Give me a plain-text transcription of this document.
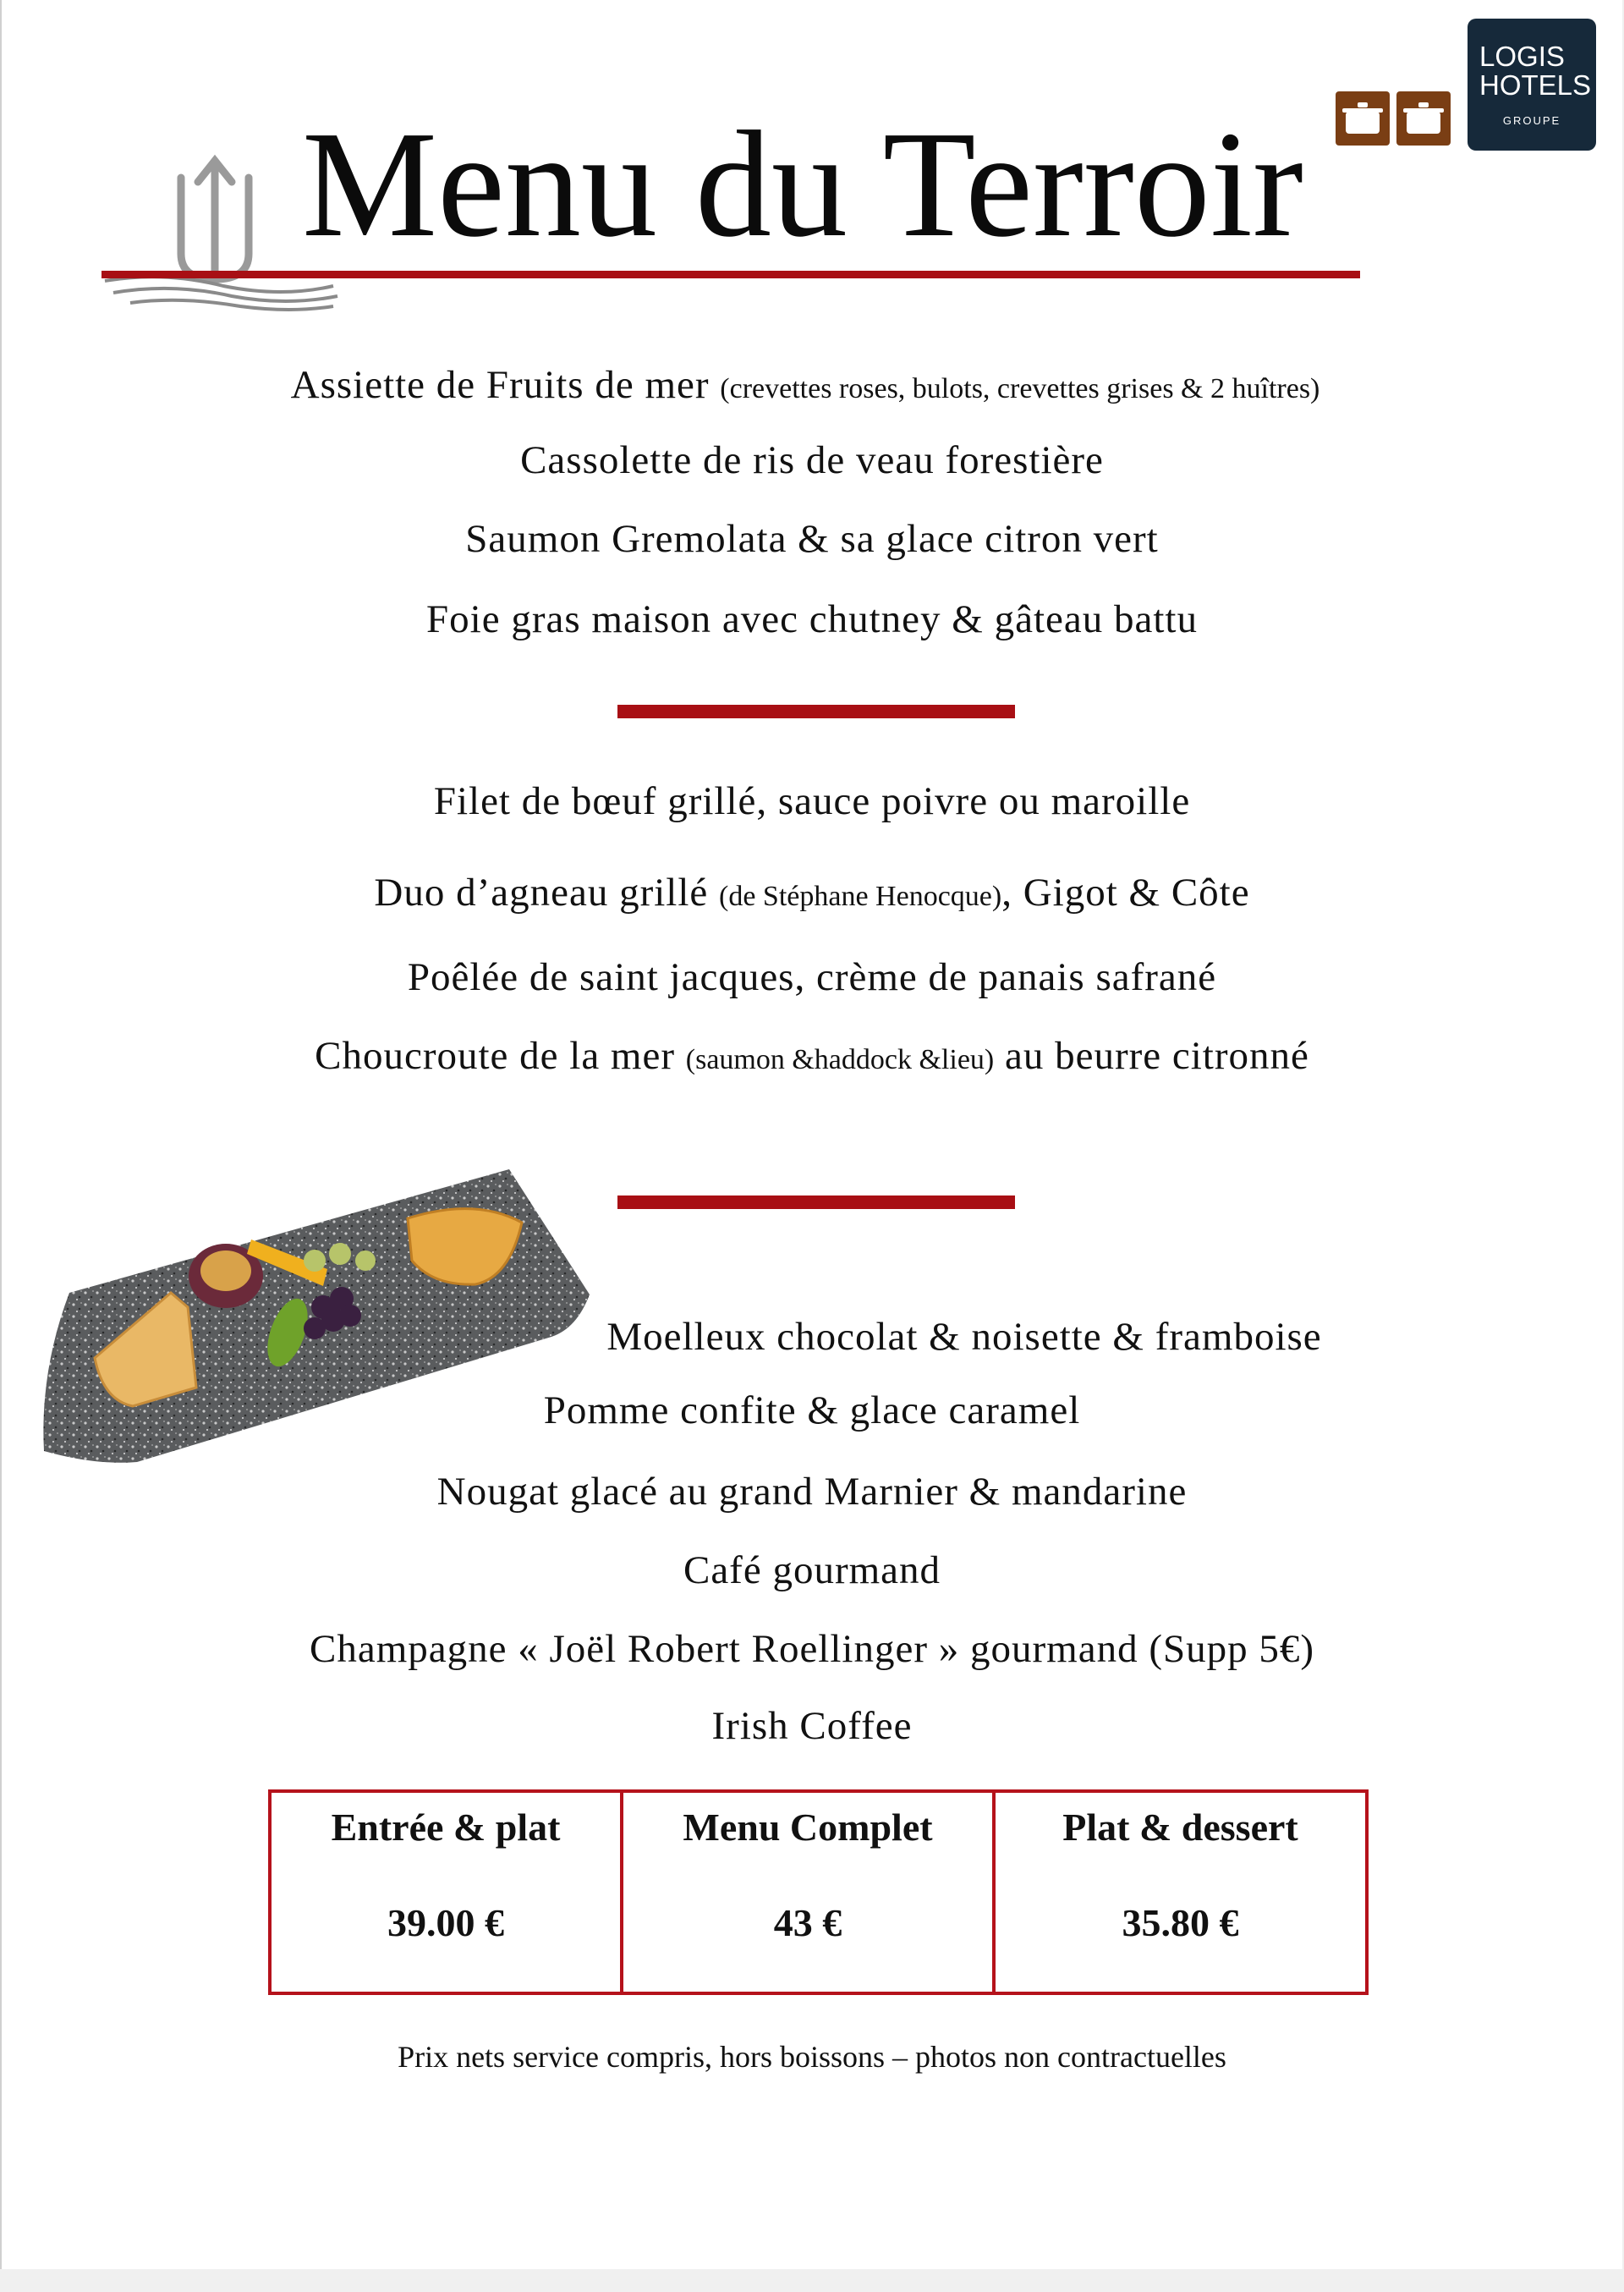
Menu du Terroir
LOGIS
HOTELS
GROUPE
Assiette de Fruits de mer (crevettes roses, bulots, crevettes grises & 2 huîtres)
Cassolette de ris de veau forestière
Saumon Gremolata & sa glace citron vert
Foie gras maison avec chutney & gâteau battu
Filet de bœuf grillé, sauce poivre ou maroille
Duo d’agneau grillé (de Stéphane Henocque), Gigot & Côte
Poêlée de saint jacques, crème de panais safrané
Choucroute de la mer (saumon &haddock &lieu) au beurre citronné
Moelleux chocolat & noisette & framboise
Pomme confite & glace caramel
Nougat glacé au grand Marnier & mandarine
Café gourmand
Champagne « Joël Robert Roellinger » gourmand (Supp 5€)
Irish Coffee
Entrée & plat
39.00 €
Menu Complet
43 €
Plat & dessert
35.80 €
Prix nets service compris, hors boissons – photos non contractuelles
